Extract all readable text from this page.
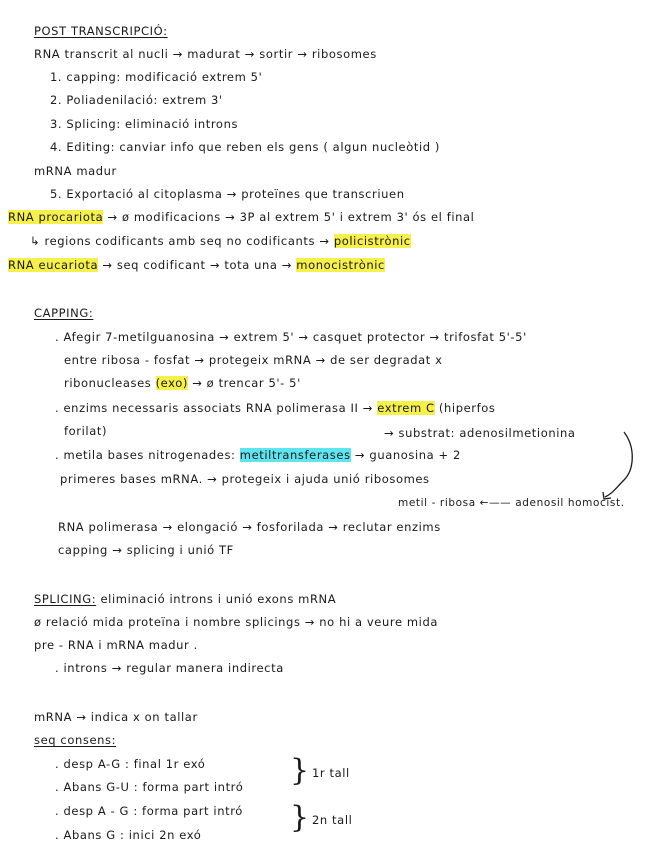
POST TRANSCRIPCIÓ:
RNA transcrit al nucli → madurat → sortir → ribosomes
1. capping: modificació extrem 5'
2. Poliadenilació: extrem 3'
3. Splicing: eliminació introns
4. Editing: canviar info que reben els gens ( algun nucleòtid )
mRNA madur
5. Exportació al citoplasma → proteïnes que transcriuen
RNA procariota → ø modificacions → 3P al extrem 5' i extrem 3' ós el final
↳ regions codificants amb seq no codificants → policistrònic
RNA eucariota → seq codificant → tota una → monocistrònic
CAPPING:
. Afegir 7-metilguanosina → extrem 5' → casquet protector → trifosfat 5'-5'
entre ribosa - fosfat → protegeix mRNA → de ser degradat x
ribonucleases (exo) → ø trencar 5'- 5'
. enzims necessaris associats RNA polimerasa II → extrem C (hiperfos
forilat)	→ substrat: adenosilmetionina
. metila bases nitrogenades: metiltransferases → guanosina + 2
primeres bases mRNA. → protegeix i ajuda unió ribosomes
metil - ribosa ←—— adenosil homocist.
RNA polimerasa → elongació → fosforilada → reclutar enzims
capping → splicing i unió TF
SPLICING: eliminació introns i unió exons mRNA
ø relació mida proteïna i nombre splicings → no hi a veure mida
pre - RNA i mRNA madur .
. introns → regular manera indirecta
mRNA → indica x on tallar
seq consens:
. desp A-G : final 1r exó
. Abans G-U : forma part intró
. desp A - G : forma part intró
. Abans G : inici 2n exó
}
}
1r tall
2n tall
